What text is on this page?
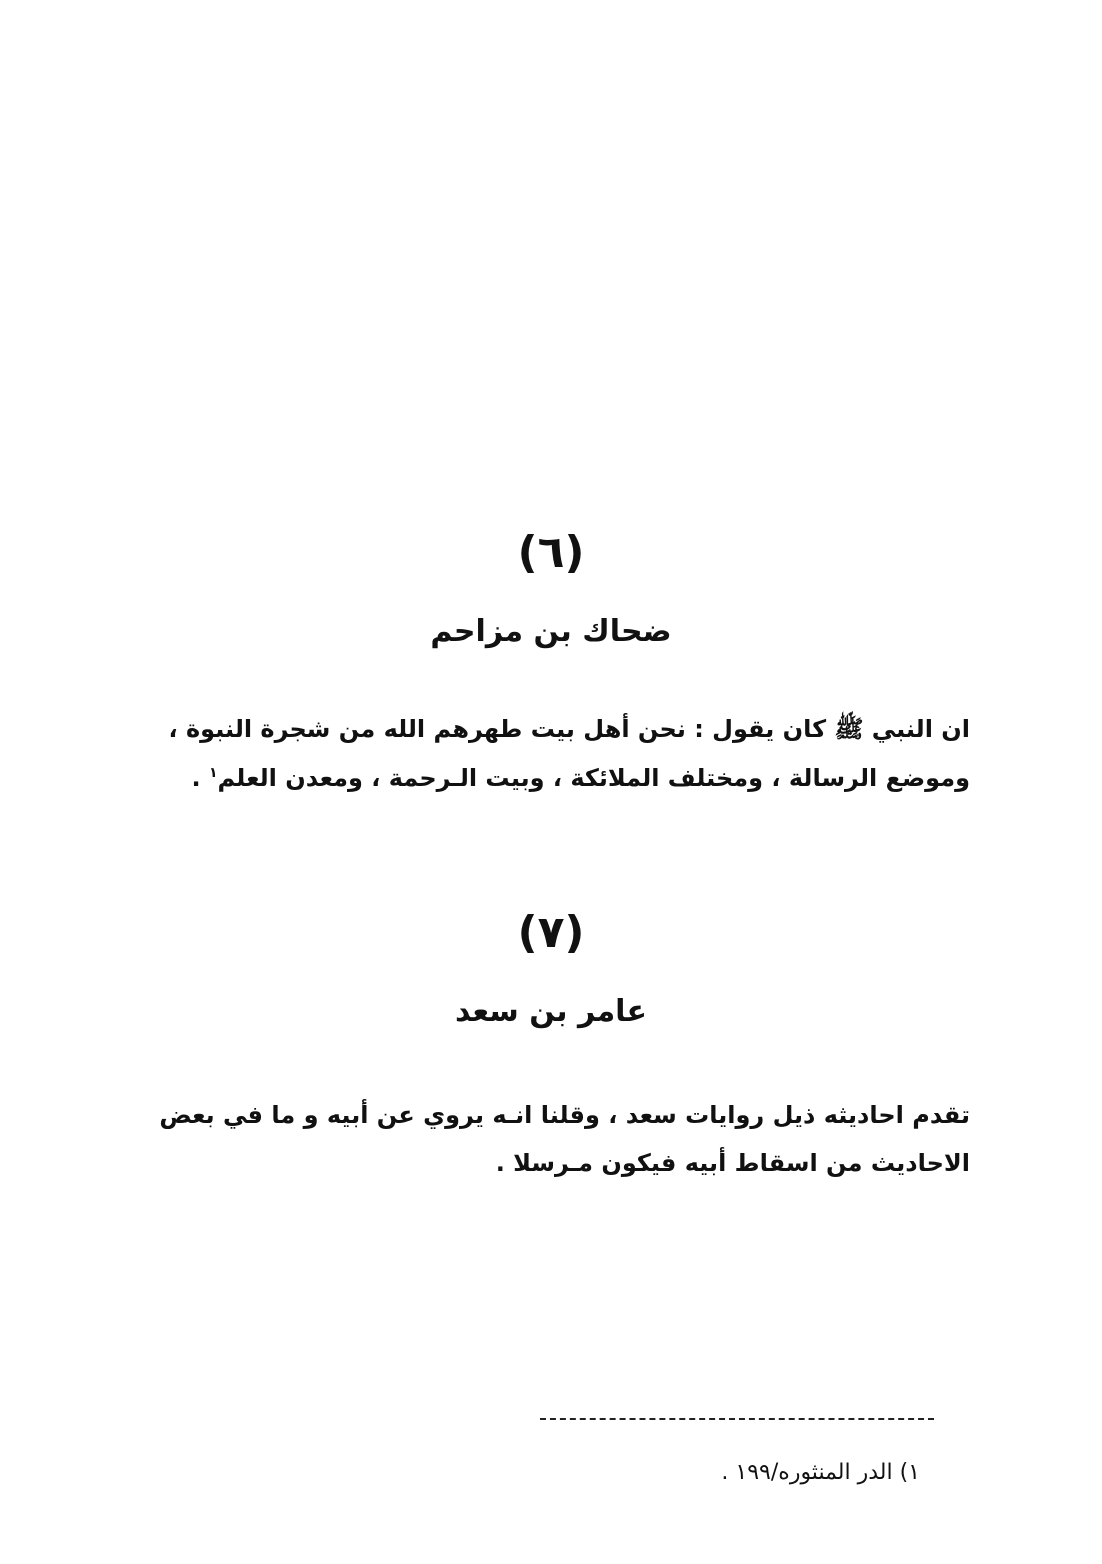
(٦)
ضحاك بن مزاحم
ان النبي ﷺ كان يقول : نحن أهل بيت طهرهم الله من شجرة النبوة ،
وموضع الرسالة ، ومختلف الملائكة ، وبيت الـرحمة ، ومعدن العلم$^١$ .
(٧)
عامر بن سعد
تقدم احاديثه ذيل روايات سعد ، وقلنا انـه يروي عن أبيه و ما في بعض
الاحاديث من اسقاط أبيه فيكون مـرسلا .
١) الدر المنثوره/١٩٩ .
